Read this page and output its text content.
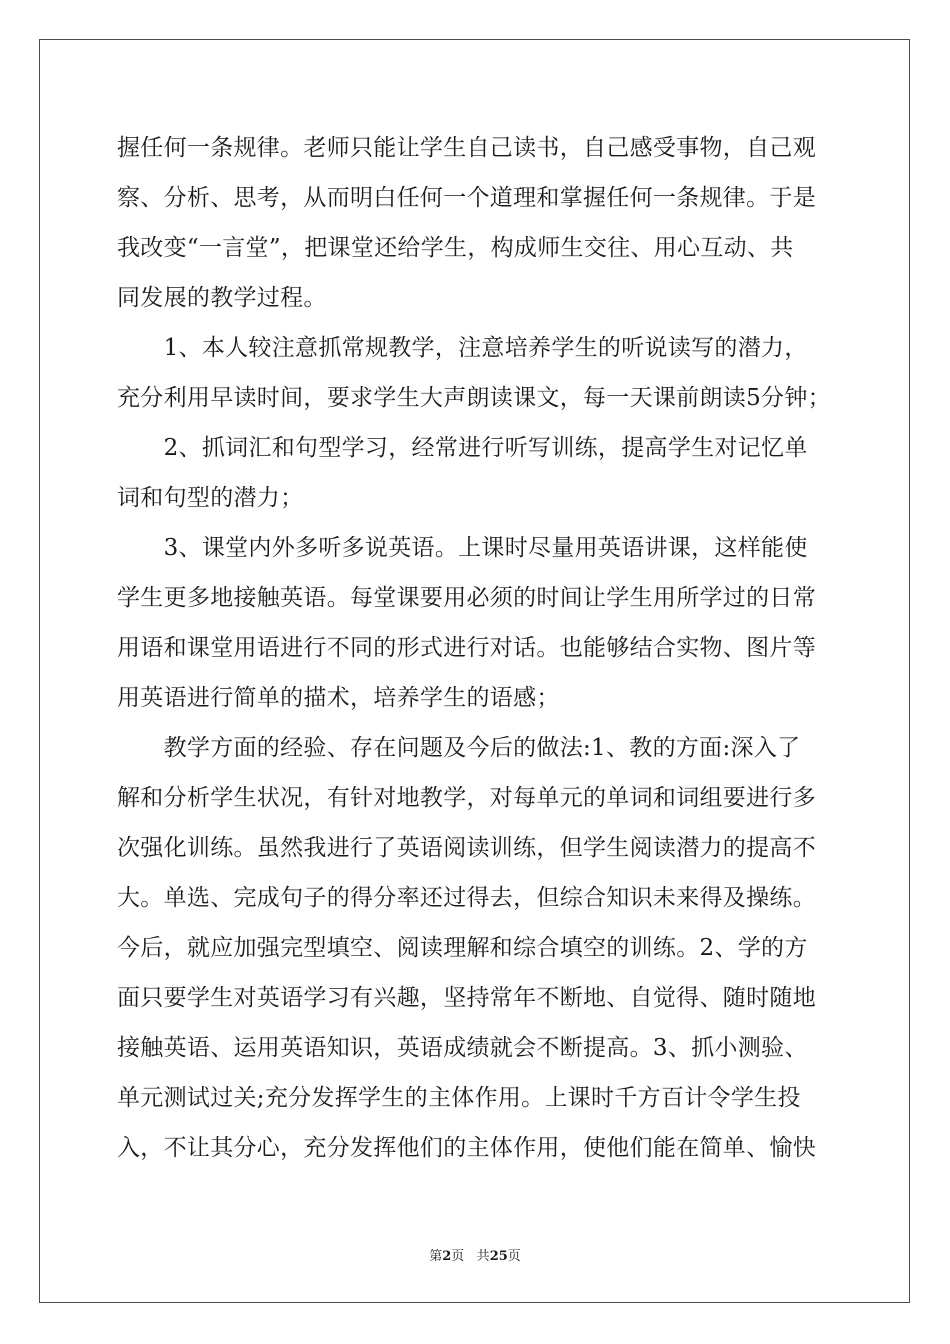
握任何一条规律。老师只能让学生自己读书，自己感受事物，自己观
察、分析、思考，从而明白任何一个道理和掌握任何一条规律。于是
我改变“一言堂”，把课堂还给学生，构成师生交往、用心互动、共
同发展的教学过程。
　　1、本人较注意抓常规教学，注意培养学生的听说读写的潜力，
充分利用早读时间，要求学生大声朗读课文，每一天课前朗读5分钟；
　　2、抓词汇和句型学习，经常进行听写训练，提高学生对记忆单
词和句型的潜力；
　　3、课堂内外多听多说英语。上课时尽量用英语讲课，这样能使
学生更多地接触英语。每堂课要用必须的时间让学生用所学过的日常
用语和课堂用语进行不同的形式进行对话。也能够结合实物、图片等
用英语进行简单的描术，培养学生的语感；
　　教学方面的经验、存在问题及今后的做法:1、教的方面:深入了
解和分析学生状况，有针对地教学，对每单元的单词和词组要进行多
次强化训练。虽然我进行了英语阅读训练，但学生阅读潜力的提高不
大。单选、完成句子的得分率还过得去，但综合知识未来得及操练。
今后，就应加强完型填空、阅读理解和综合填空的训练。2、学的方
面只要学生对英语学习有兴趣，坚持常年不断地、自觉得、随时随地
接触英语、运用英语知识，英语成绩就会不断提高。3、抓小测验、
单元测试过关;充分发挥学生的主体作用。上课时千方百计令学生投
入，不让其分心，充分发挥他们的主体作用，使他们能在简单、愉快
第2页 共25页
